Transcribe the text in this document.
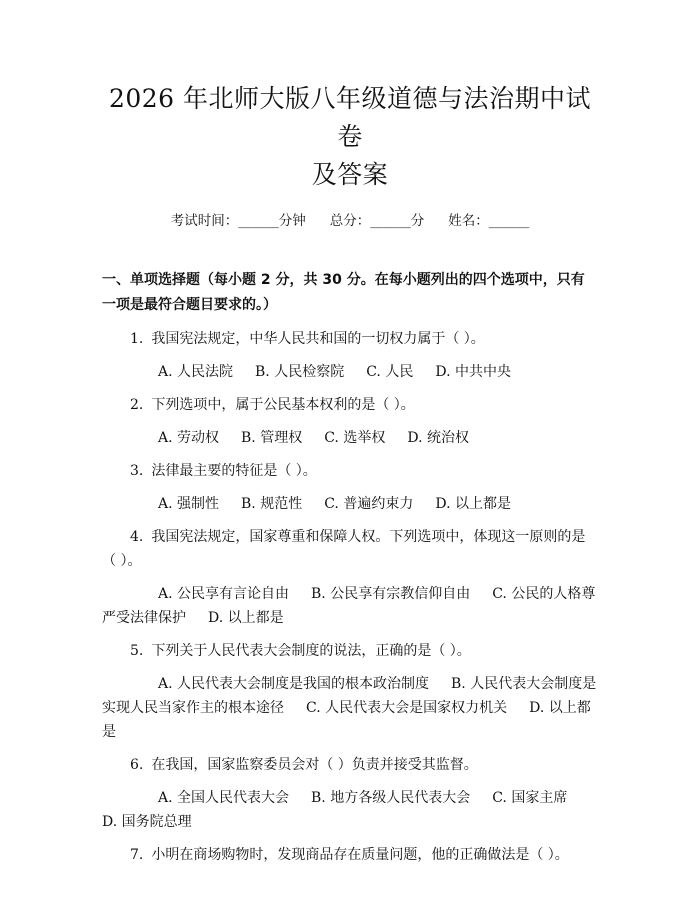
2026 年北师大版八年级道德与法治期中试卷
及答案
考试时间：______分钟 总分：______分 姓名：______
一、单项选择题（每小题 2 分，共 30 分。在每小题列出的四个选项中，只有一项是最符合题目要求的。）
1. 我国宪法规定，中华人民共和国的一切权力属于（ ）。
A. 人民法院 B. 人民检察院 C. 人民 D. 中共中央
2. 下列选项中，属于公民基本权利的是（ ）。
A. 劳动权 B. 管理权 C. 选举权 D. 统治权
3. 法律最主要的特征是（ ）。
A. 强制性 B. 规范性 C. 普遍约束力 D. 以上都是
4. 我国宪法规定，国家尊重和保障人权。下列选项中，体现这一原则的是（ ）。
A. 公民享有言论自由 B. 公民享有宗教信仰自由 C. 公民的人格尊严受法律保护 D. 以上都是
5. 下列关于人民代表大会制度的说法，正确的是（ ）。
A. 人民代表大会制度是我国的根本政治制度 B. 人民代表大会制度是实现人民当家作主的根本途径 C. 人民代表大会是国家权力机关 D. 以上都是
6. 在我国，国家监察委员会对（ ）负责并接受其监督。
A. 全国人民代表大会 B. 地方各级人民代表大会 C. 国家主席D. 国务院总理
7. 小明在商场购物时，发现商品存在质量问题，他的正确做法是（ ）。
